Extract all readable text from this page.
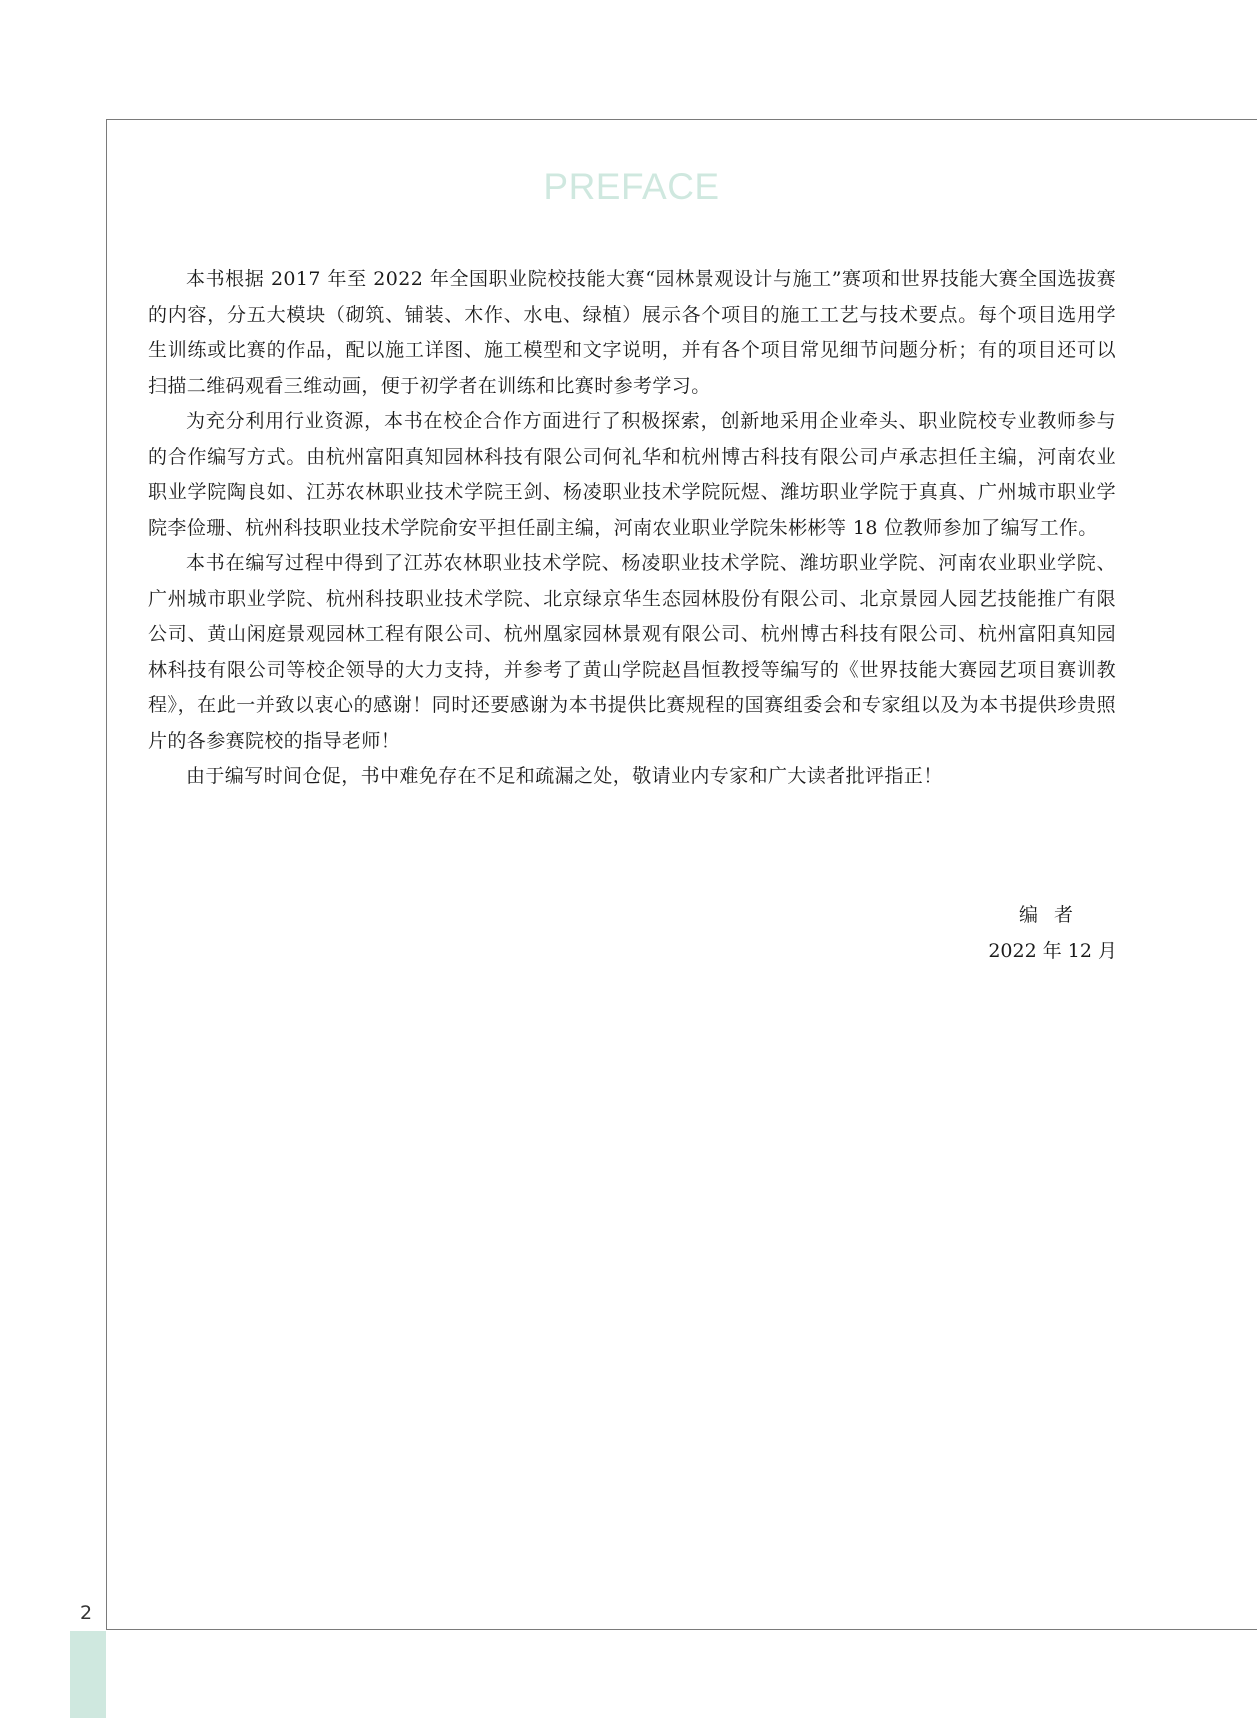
2
PREFACE

本书根据 2017 年至 2022 年全国职业院校技能大赛“园林景观设计与施工”赛项和世界技能大赛全国选拔赛的内容，分五大模块（砌筑、铺装、木作、水电、绿植）展示各个项目的施工工艺与技术要点。每个项目选用学生训练或比赛的作品，配以施工详图、施工模型和文字说明，并有各个项目常见细节问题分析；有的项目还可以扫描二维码观看三维动画，便于初学者在训练和比赛时参考学习。

为充分利用行业资源，本书在校企合作方面进行了积极探索，创新地采用企业牵头、职业院校专业教师参与的合作编写方式。由杭州富阳真知园林科技有限公司何礼华和杭州博古科技有限公司卢承志担任主编，河南农业职业学院陶良如、江苏农林职业技术学院王剑、杨凌职业技术学院阮煜、潍坊职业学院于真真、广州城市职业学院李俭珊、杭州科技职业技术学院俞安平担任副主编，河南农业职业学院朱彬彬等 18 位教师参加了编写工作。

本书在编写过程中得到了江苏农林职业技术学院、杨凌职业技术学院、潍坊职业学院、河南农业职业学院、广州城市职业学院、杭州科技职业技术学院、北京绿京华生态园林股份有限公司、北京景园人园艺技能推广有限公司、黄山闲庭景观园林工程有限公司、杭州凰家园林景观有限公司、杭州博古科技有限公司、杭州富阳真知园林科技有限公司等校企领导的大力支持，并参考了黄山学院赵昌恒教授等编写的《世界技能大赛园艺项目赛训教程》，在此一并致以衷心的感谢！同时还要感谢为本书提供比赛规程的国赛组委会和专家组以及为本书提供珍贵照片的各参赛院校的指导老师！

由于编写时间仓促，书中难免存在不足和疏漏之处，敬请业内专家和广大读者批评指正！

编者
2022 年 12 月
